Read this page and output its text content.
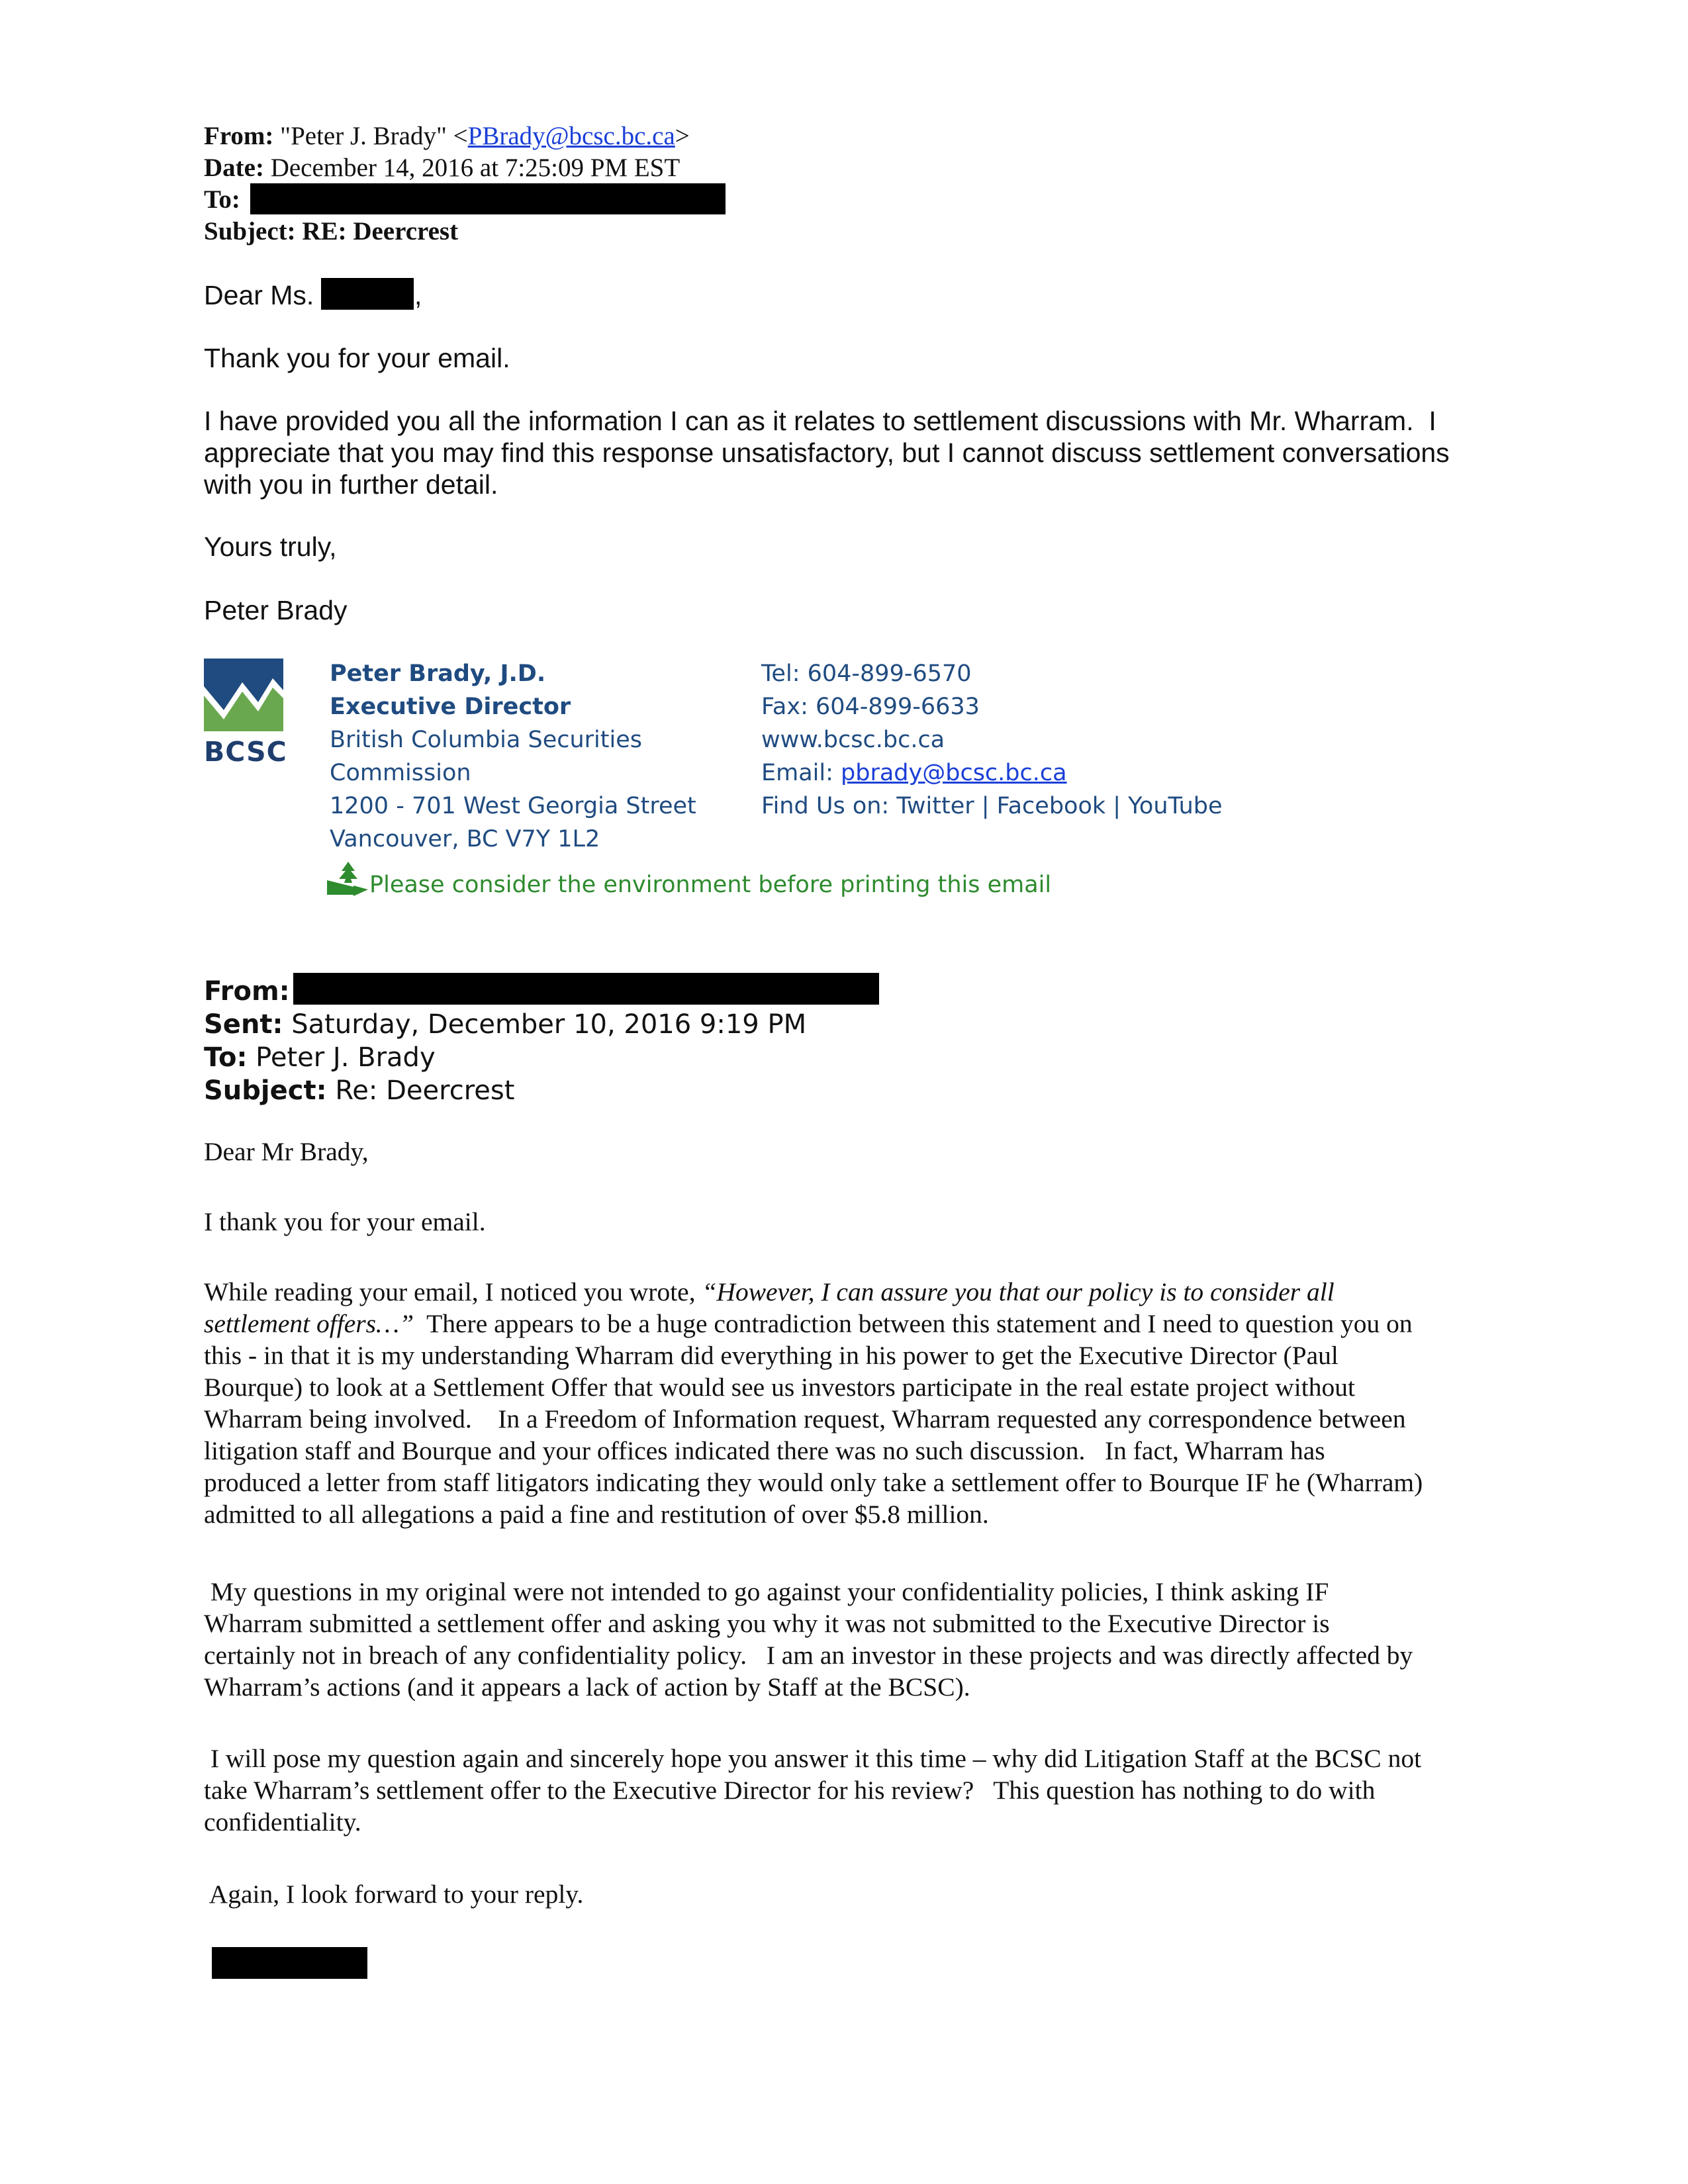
From: "Peter J. Brady" <PBrady@bcsc.bc.ca>
Date: December 14, 2016 at 7:25:09 PM EST
To:
Subject: RE: Deercrest
Dear Ms.	,
Thank you for your email.
I have provided you all the information I can as it relates to settlement discussions with Mr. Wharram.  I
appreciate that you may find this response unsatisfactory, but I cannot discuss settlement conversations
with you in further detail.
Yours truly,
Peter Brady
BCSC
Peter Brady, J.D.
Executive Director
British Columbia Securities
Commission
1200 - 701 West Georgia Street
Vancouver, BC V7Y 1L2
Tel: 604-899-6570
Fax: 604-899-6633
www.bcsc.bc.ca
Email: pbrady@bcsc.bc.ca
Find Us on: Twitter | Facebook | YouTube
Please consider the environment before printing this email
From:
Sent: Saturday, December 10, 2016 9:19 PM
To: Peter J. Brady
Subject: Re: Deercrest
Dear Mr Brady,
I thank you for your email.
While reading your email, I noticed you wrote, “However, I can assure you that our policy is to consider all
settlement offers…”  There appears to be a huge contradiction between this statement and I need to question you on
this - in that it is my understanding Wharram did everything in his power to get the Executive Director (Paul
Bourque) to look at a Settlement Offer that would see us investors participate in the real estate project without
Wharram being involved.    In a Freedom of Information request, Wharram requested any correspondence between
litigation staff and Bourque and your offices indicated there was no such discussion.   In fact, Wharram has
produced a letter from staff litigators indicating they would only take a settlement offer to Bourque IF he (Wharram)
admitted to all allegations a paid a fine and restitution of over $5.8 million.
My questions in my original were not intended to go against your confidentiality policies, I think asking IF
Wharram submitted a settlement offer and asking you why it was not submitted to the Executive Director is
certainly not in breach of any confidentiality policy.   I am an investor in these projects and was directly affected by
Wharram’s actions (and it appears a lack of action by Staff at the BCSC).
I will pose my question again and sincerely hope you answer it this time – why did Litigation Staff at the BCSC not
take Wharram’s settlement offer to the Executive Director for his review?   This question has nothing to do with
confidentiality.
Again, I look forward to your reply.
